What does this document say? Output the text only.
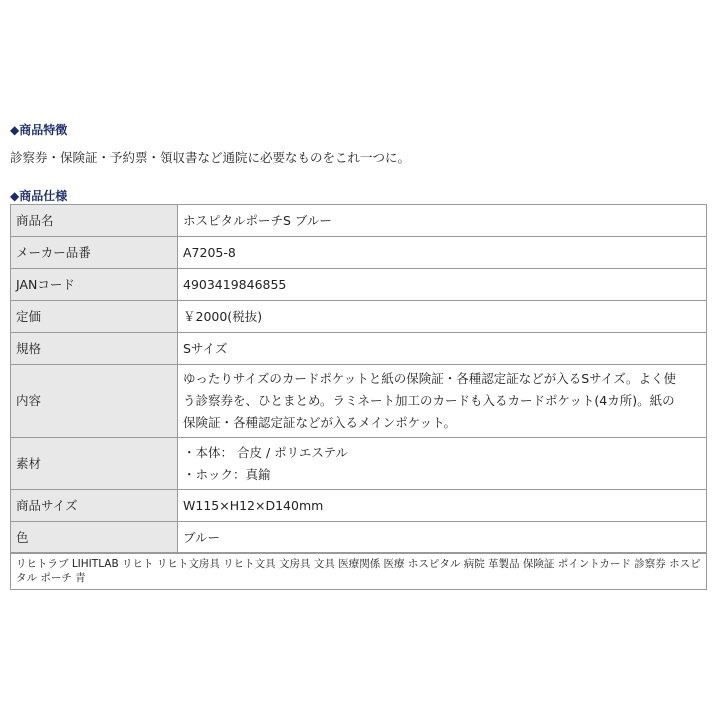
◆商品特徴
診察券・保険証・予約票・領収書など通院に必要なものをこれ一つに。
◆商品仕様
商品名	ホスピタルポーチS ブルー
メーカー品番	A7205-8
JANコード	4903419846855
定価	￥2000(税抜)
規格	Sサイズ
内容	ゆったりサイズのカードポケットと紙の保険証・各種認定証などが入るSサイズ。よく使
う診察券を、ひとまとめ。ラミネート加工のカードも入るカードポケット(4カ所)。紙の
保険証・各種認定証などが入るメインポケット。

素材	・本体： 合皮 / ポリエステル
・ホック：真鍮

商品サイズ	W115×H12×D140mm
色	ブルー
リヒトラブ LIHITLAB リヒト リヒト文房具 リヒト文具 文房具 文具 医療関係 医療 ホスピタル 病院 革製品 保険証 ポイントカード 診察券 ホスピタル ポーチ 青
